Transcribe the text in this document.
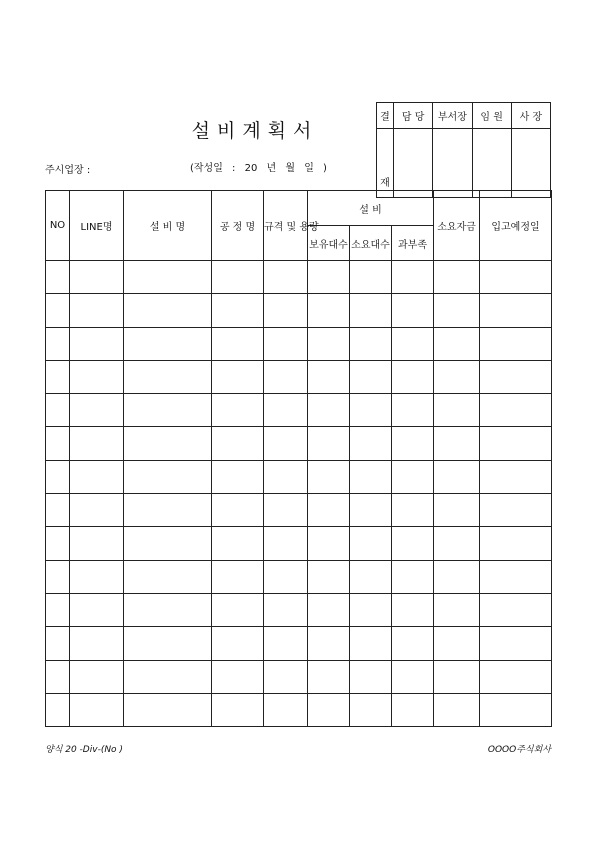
설비계획서
주시업장 :	(작성일 : 20 년 월 일 )
결	담 당	부서장	임 원	사 장
재				
NO	LINE명	설 비 명	공 정 명	규격 및 용량	설 비			소요자금	입고예정일
					보유대수	소요대수	과부족		

양식 20 -Div-(No )	OOOO주식회사
